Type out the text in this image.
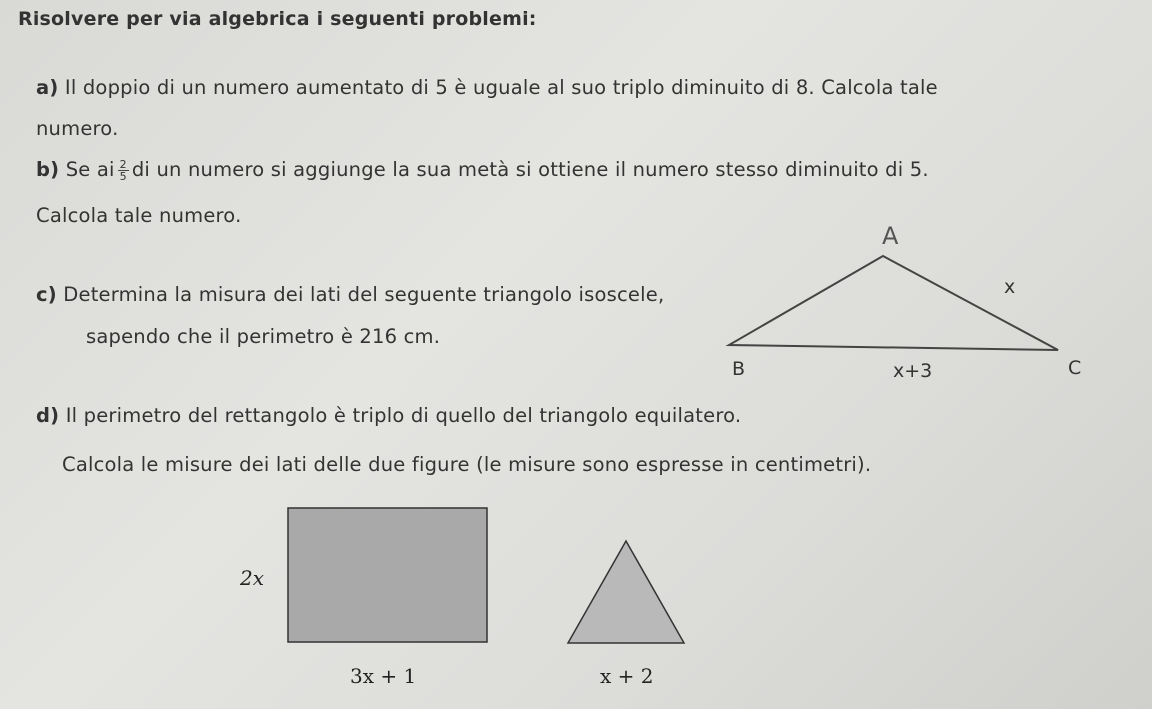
Risolvere per via algebrica i seguenti problemi:
a) Il doppio di un numero aumentato di 5 è uguale al suo triplo diminuito di 8. Calcola tale
numero.
b) Se ai $\frac{2}{5}$ di un numero si aggiunge la sua metà si ottiene il numero stesso diminuito di 5.
Calcola tale numero.
c) Determina la misura dei lati del seguente triangolo isoscele,
sapendo che il perimetro è 216 cm.
A
x
B	x+3	C
d) Il perimetro del rettangolo è triplo di quello del triangolo equilatero.
Calcola le misure dei lati delle due figure (le misure sono espresse in centimetri).
2x
3x + 1	x + 2
